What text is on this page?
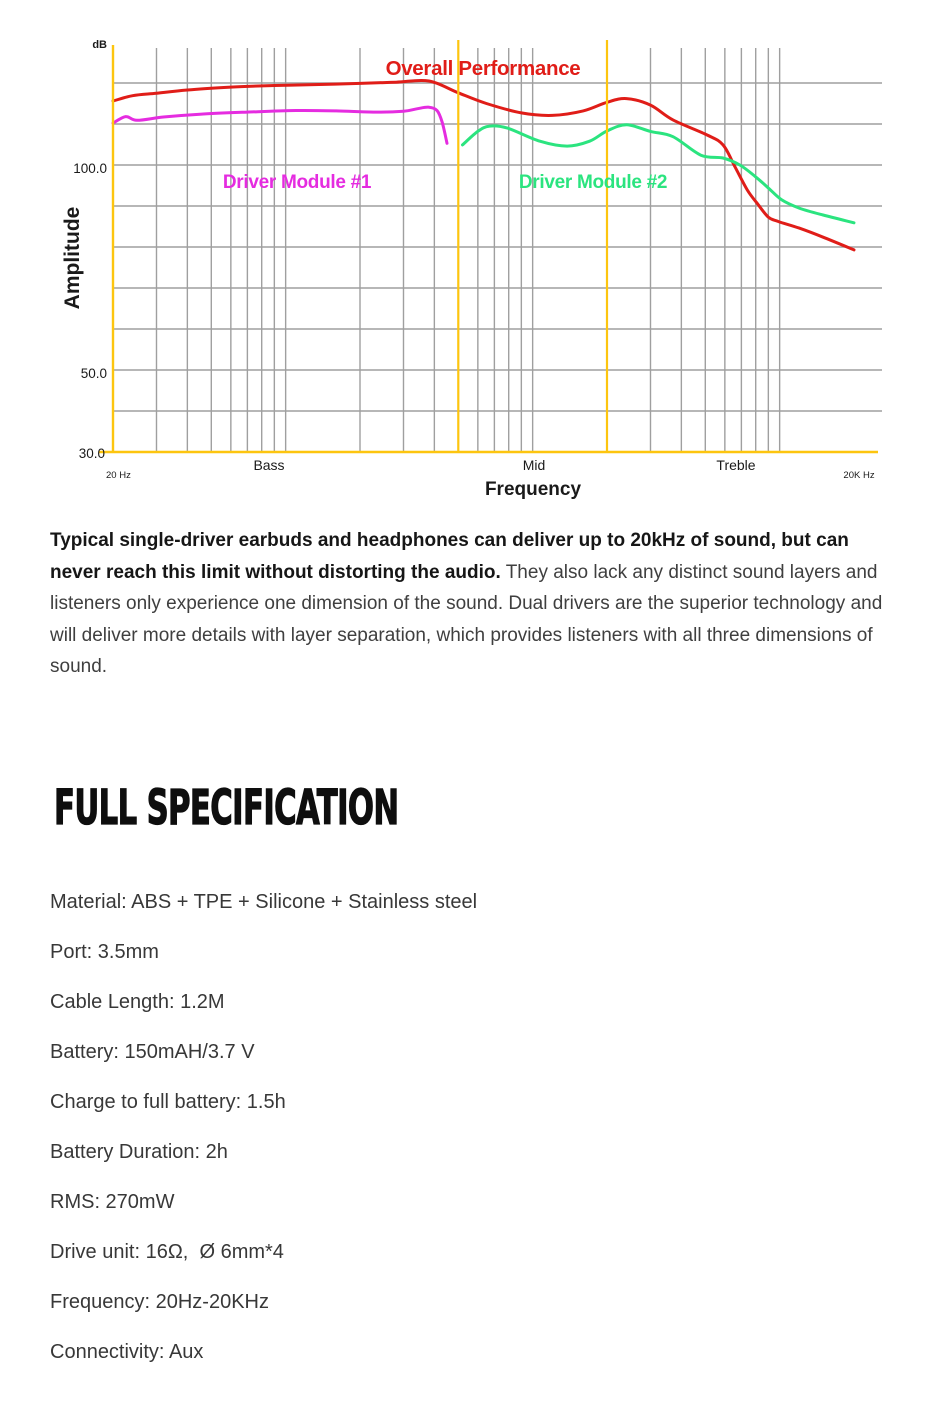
dB
100.0
50.0
30.0
Amplitude
20 Hz	20K Hz
Bass	Mid	Treble
Frequency
Overall Performance
Driver Module #1	Driver Module #2

Typical single-driver earbuds and headphones can deliver up to 20kHz of sound, but can never reach this limit without distorting the audio. They also lack any distinct sound layers and listeners only experience one dimension of the sound. Dual drivers are the superior technology and will deliver more details with layer separation, which provides listeners with all three dimensions of sound.

FULL SPECIFICATION
Material: ABS + TPE + Silicone + Stainless steel
Port: 3.5mm
Cable Length: 1.2M
Battery: 150mAH/3.7 V
Charge to full battery: 1.5h
Battery Duration: 2h
RMS: 270mW
Drive unit: 16Ω,  Ø 6mm*4
Frequency: 20Hz-20KHz
Connectivity: Aux
